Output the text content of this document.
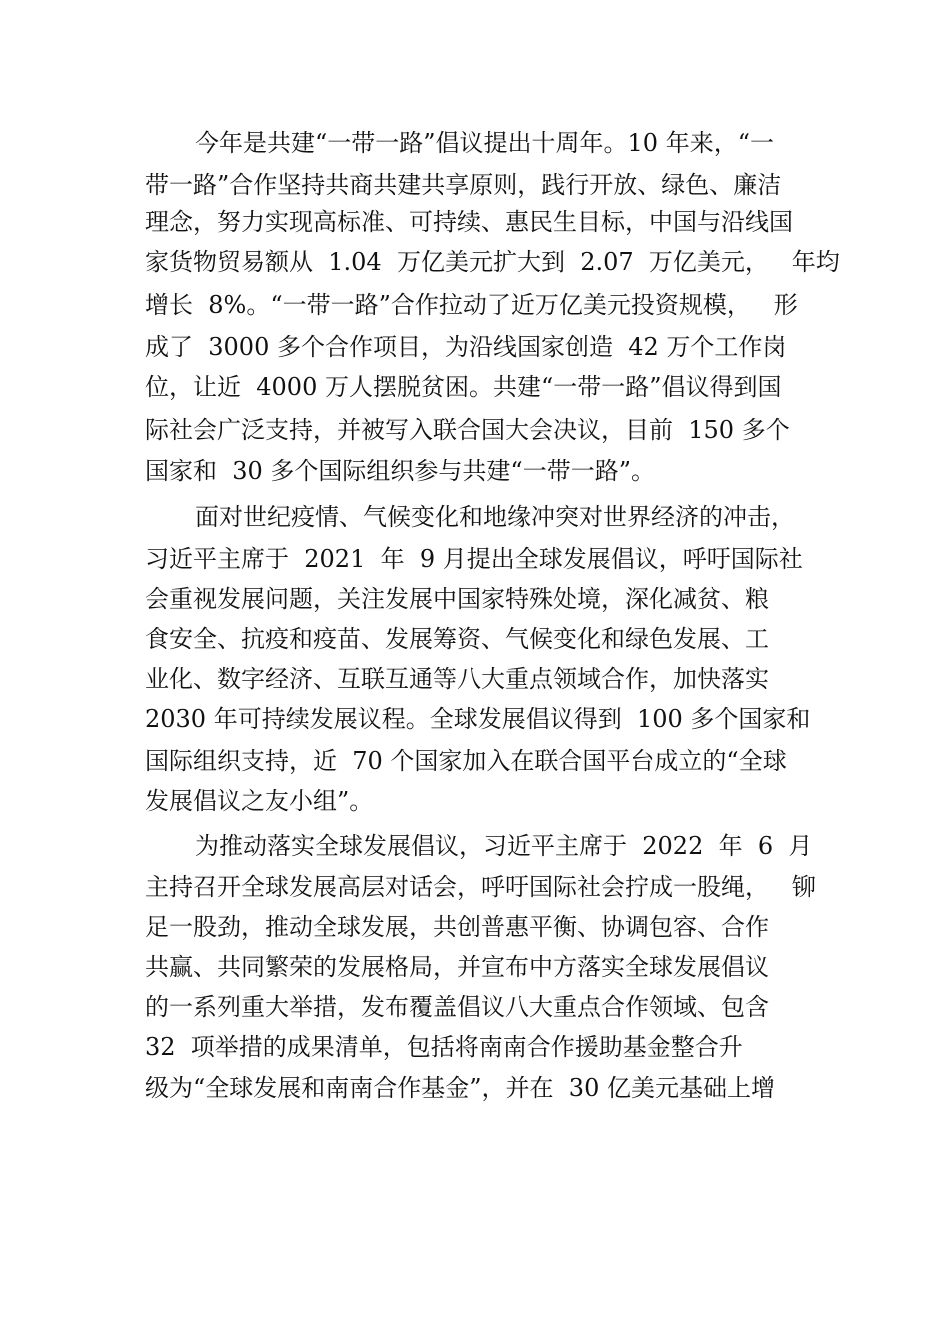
今年是共建“一带一路”倡议提出十周年。10 年来，“一
带一路”合作坚持共商共建共享原则，践行开放、绿色、廉洁
理念，努力实现高标准、可持续、惠民生目标，中国与沿线国
家货物贸易额从  1.04  万亿美元扩大到  2.07  万亿美元，   年均
增长  8%。“一带一路”合作拉动了近万亿美元投资规模，   形
成了  3000 多个合作项目，为沿线国家创造  42 万个工作岗
位，让近  4000 万人摆脱贫困。共建“一带一路”倡议得到国
际社会广泛支持，并被写入联合国大会决议，目前  150 多个
国家和  30 多个国际组织参与共建“一带一路”。
面对世纪疫情、气候变化和地缘冲突对世界经济的冲击，
习近平主席于  2021  年  9 月提出全球发展倡议，呼吁国际社
会重视发展问题，关注发展中国家特殊处境，深化减贫、粮
食安全、抗疫和疫苗、发展筹资、气候变化和绿色发展、工
业化、数字经济、互联互通等八大重点领域合作，加快落实
2030 年可持续发展议程。全球发展倡议得到  100 多个国家和
国际组织支持，近  70 个国家加入在联合国平台成立的“全球
发展倡议之友小组”。
为推动落实全球发展倡议，习近平主席于  2022  年  6  月
主持召开全球发展高层对话会，呼吁国际社会拧成一股绳，   铆
足一股劲，推动全球发展，共创普惠平衡、协调包容、合作
共赢、共同繁荣的发展格局，并宣布中方落实全球发展倡议
的一系列重大举措，发布覆盖倡议八大重点合作领域、包含
32  项举措的成果清单，包括将南南合作援助基金整合升
级为“全球发展和南南合作基金”，并在  30 亿美元基础上增
